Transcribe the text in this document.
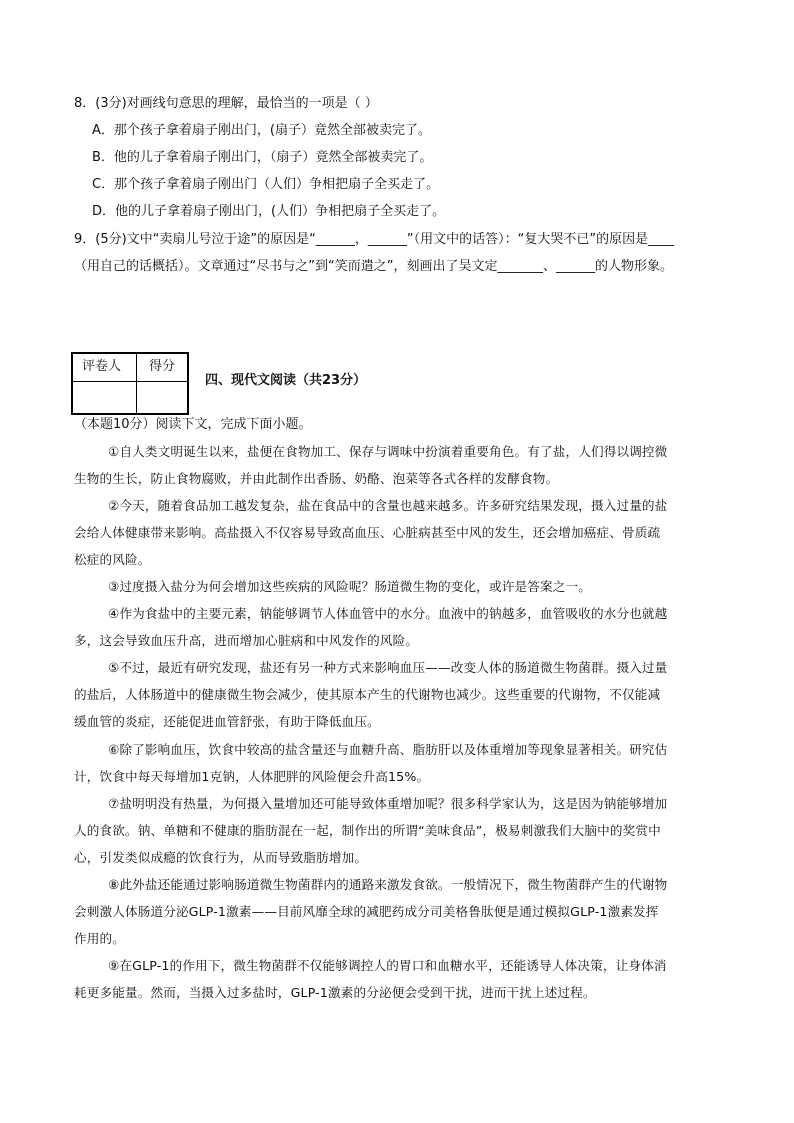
8．(3分)对画线句意思的理解，最恰当的一项是（ ）
A．那个孩子拿着扇子刚出门，(扇子）竟然全部被卖完了。
B．他的儿子拿着扇子刚出门，（扇子）竟然全部被卖完了。
C．那个孩子拿着扇子刚出门（人们）争相把扇子全买走了。
D．他的儿子拿着扇子刚出门，(人们）争相把扇子全买走了。
9．(5分)文中“卖扇儿号泣于途”的原因是“______，______”（用文中的话答）：“复大哭不已”的原因是____
（用自己的话概括）。文章通过“尽书与之”到“笑而遣之”，刻画出了吴文定_______、______的人物形象。
评卷人 得分
四、现代文阅读（共23分）
（本题10分）阅读下文，完成下面小题。
①自人类文明诞生以来，盐便在食物加工、保存与调味中扮演着重要角色。有了盐，人们得以调控微
生物的生长，防止食物腐败，并由此制作出香肠、奶酪、泡菜等各式各样的发酵食物。
②今天，随着食品加工越发复杂，盐在食品中的含量也越来越多。许多研究结果发现，摄入过量的盐
会给人体健康带来影响。高盐摄入不仅容易导致高血压、心脏病甚至中风的发生，还会增加癌症、骨质疏
松症的风险。
③过度摄入盐分为何会增加这些疾病的风险呢？肠道微生物的变化，或许是答案之一。
④作为食盐中的主要元素，钠能够调节人体血管中的水分。血液中的钠越多，血管吸收的水分也就越
多，这会导致血压升高，进而增加心脏病和中风发作的风险。
⑤不过，最近有研究发现，盐还有另一种方式来影响血压——改变人体的肠道微生物菌群。摄入过量
的盐后，人体肠道中的健康微生物会减少，使其原本产生的代谢物也减少。这些重要的代谢物，不仅能减
缓血管的炎症，还能促进血管舒张，有助于降低血压。
⑥除了影响血压，饮食中较高的盐含量还与血糖升高、脂肪肝以及体重增加等现象显著相关。研究估
计，饮食中每天每增加1克钠，人体肥胖的风险便会升高15%。
⑦盐明明没有热量，为何摄入量增加还可能导致体重增加呢？很多科学家认为，这是因为钠能够增加
人的食欲。钠、单糖和不健康的脂肪混在一起，制作出的所谓“美味食品”，极易刺激我们大脑中的奖赏中
心，引发类似成瘾的饮食行为，从而导致脂肪增加。
⑧此外盐还能通过影响肠道微生物菌群内的通路来激发食欲。一般情况下，微生物菌群产生的代谢物
会刺激人体肠道分泌GLP-1激素——目前风靡全球的减肥药成分司美格鲁肽便是通过模拟GLP-1激素发挥
作用的。
⑨在GLP-1的作用下，微生物菌群不仅能够调控人的胃口和血糖水平，还能诱导人体决策，让身体消
耗更多能量。然而，当摄入过多盐时，GLP-1激素的分泌便会受到干扰，进而干扰上述过程。
